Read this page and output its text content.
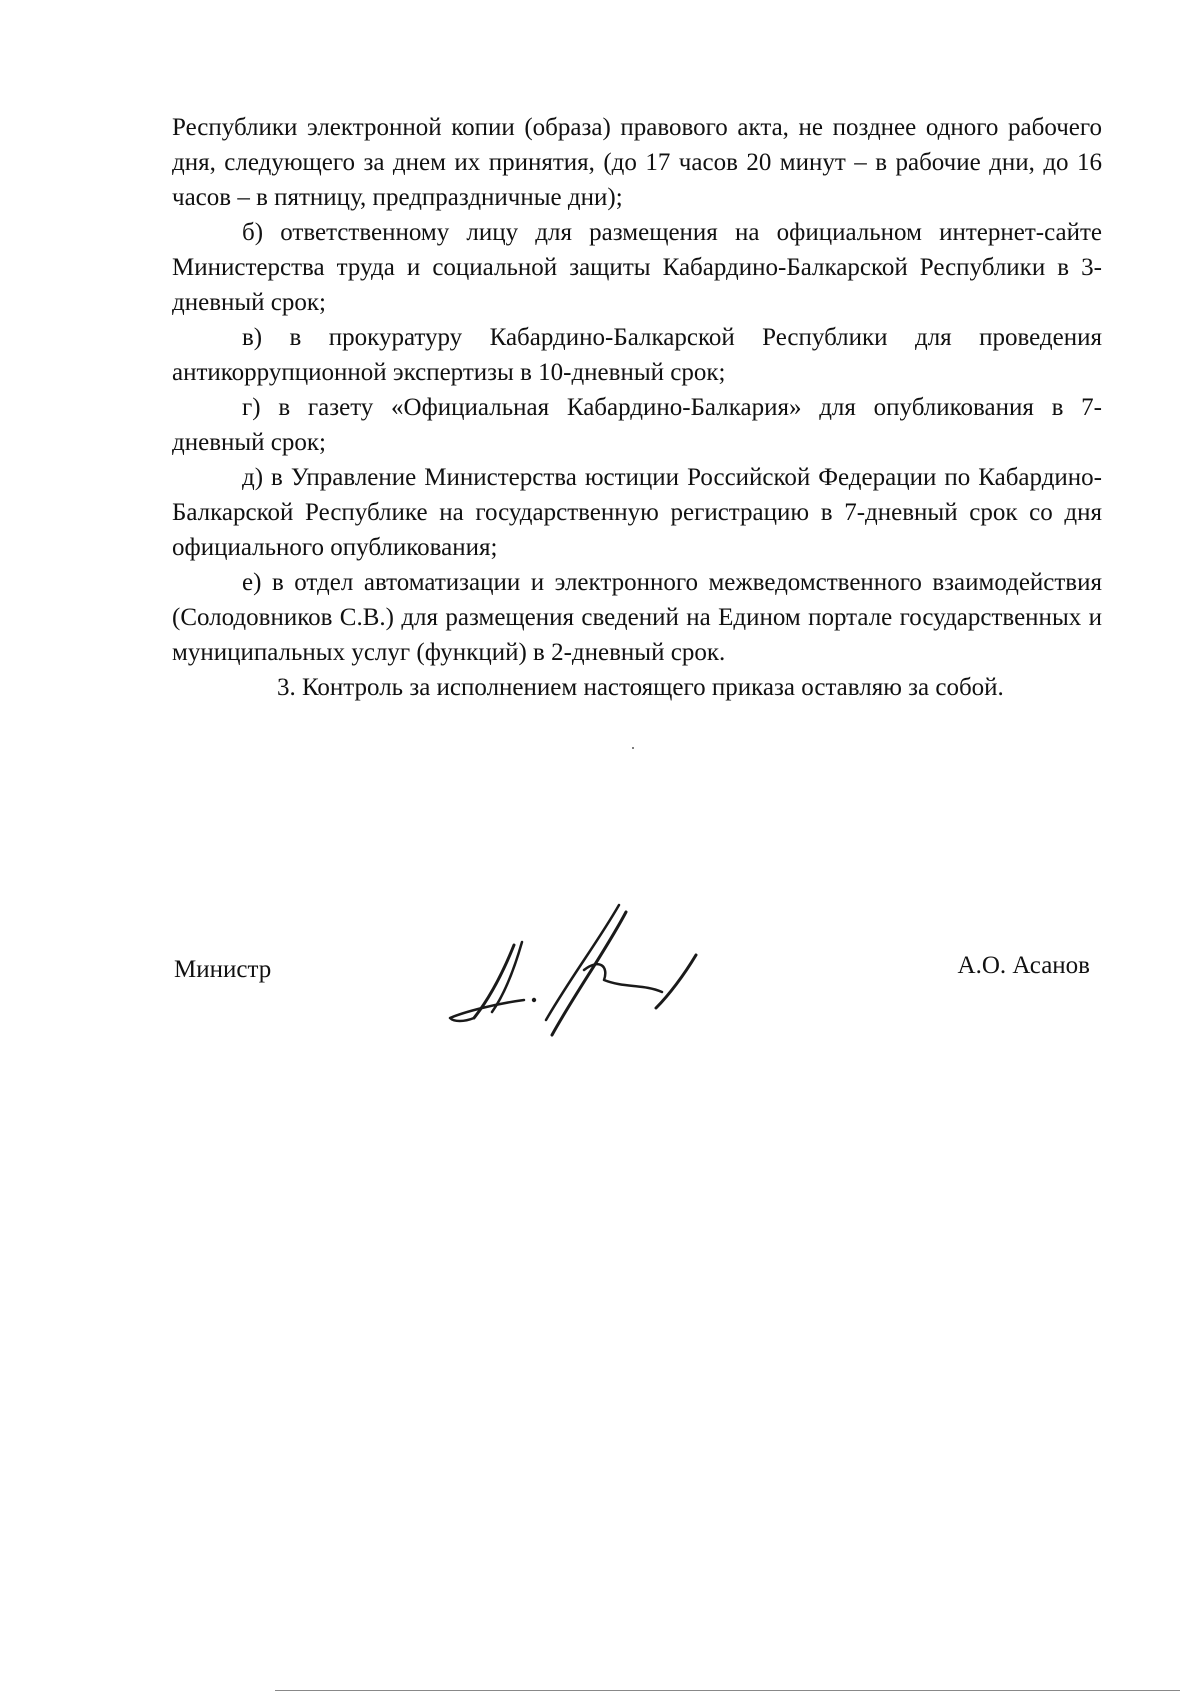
Республики электронной копии (образа) правового акта, не позднее одного рабочего дня, следующего за днем их принятия, (до 17 часов 20 минут – в рабочие дни, до 16 часов – в пятницу, предпраздничные дни);

б) ответственному лицу для размещения на официальном интернет-сайте Министерства труда и социальной защиты Кабардино-Балкарской Республики в 3-дневный срок;

в) в прокуратуру Кабардино-Балкарской Республики для проведения антикоррупционной экспертизы в 10-дневный срок;

г) в газету «Официальная Кабардино-Балкария» для опубликования в 7-дневный срок;

д) в Управление Министерства юстиции Российской Федерации по Кабардино-Балкарской Республике на государственную регистрацию в 7-дневный срок со дня официального опубликования;

е) в отдел автоматизации и электронного межведомственного взаимодействия (Солодовников С.В.) для размещения сведений на Едином портале государственных и муниципальных услуг (функций) в 2-дневный срок.

3. Контроль за исполнением настоящего приказа оставляю за собой.

Министр	А.О. Асанов
